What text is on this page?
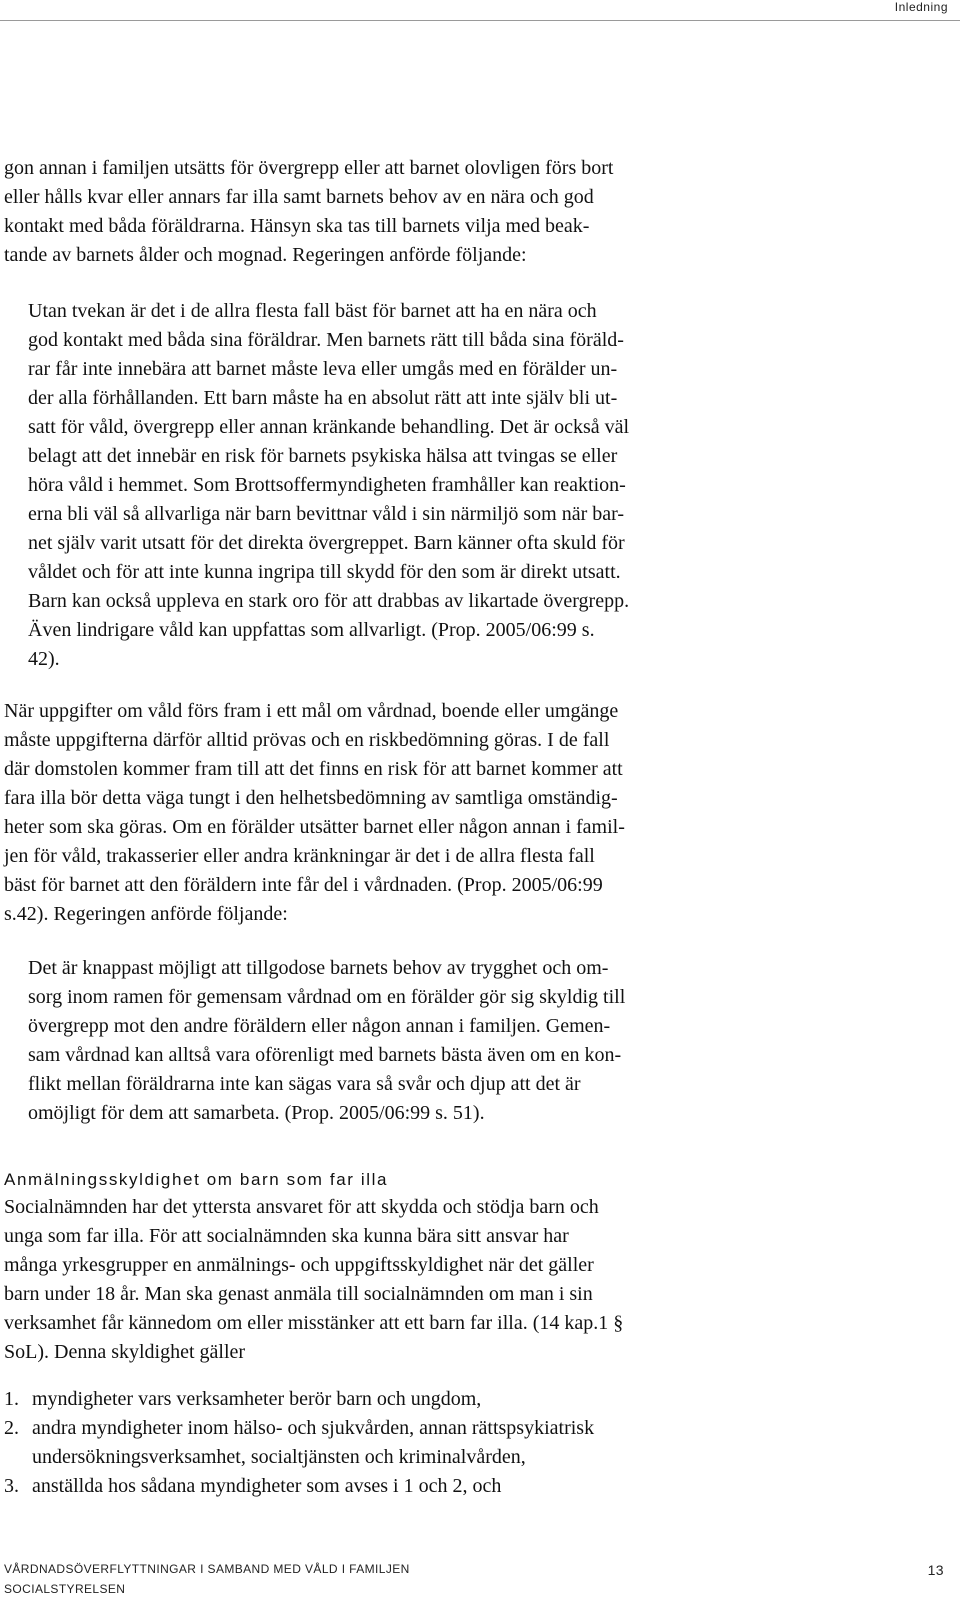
Inledning

gon annan i familjen utsätts för övergrepp eller att barnet olovligen förs bort
eller hålls kvar eller annars far illa samt barnets behov av en nära och god
kontakt med båda föräldrarna. Hänsyn ska tas till barnets vilja med beak-
tande av barnets ålder och mognad. Regeringen anförde följande:

Utan tvekan är det i de allra flesta fall bäst för barnet att ha en nära och
god kontakt med båda sina föräldrar. Men barnets rätt till båda sina föräld-
rar får inte innebära att barnet måste leva eller umgås med en förälder un-
der alla förhållanden. Ett barn måste ha en absolut rätt att inte själv bli ut-
satt för våld, övergrepp eller annan kränkande behandling. Det är också väl
belagt att det innebär en risk för barnets psykiska hälsa att tvingas se eller
höra våld i hemmet. Som Brottsoffermyndigheten framhåller kan reaktion-
erna bli väl så allvarliga när barn bevittnar våld i sin närmiljö som när bar-
net själv varit utsatt för det direkta övergreppet. Barn känner ofta skuld för
våldet och för att inte kunna ingripa till skydd för den som är direkt utsatt.
Barn kan också uppleva en stark oro för att drabbas av likartade övergrepp.
Även lindrigare våld kan uppfattas som allvarligt. (Prop. 2005/06:99 s.
42).

När uppgifter om våld förs fram i ett mål om vårdnad, boende eller umgänge
måste uppgifterna därför alltid prövas och en riskbedömning göras. I de fall
där domstolen kommer fram till att det finns en risk för att barnet kommer att
fara illa bör detta väga tungt i den helhetsbedömning av samtliga omständig-
heter som ska göras. Om en förälder utsätter barnet eller någon annan i famil-
jen för våld, trakasserier eller andra kränkningar är det i de allra flesta fall
bäst för barnet att den föräldern inte får del i vårdnaden. (Prop. 2005/06:99
s.42). Regeringen anförde följande:

Det är knappast möjligt att tillgodose barnets behov av trygghet och om-
sorg inom ramen för gemensam vårdnad om en förälder gör sig skyldig till
övergrepp mot den andre föräldern eller någon annan i familjen. Gemen-
sam vårdnad kan alltså vara oförenligt med barnets bästa även om en kon-
flikt mellan föräldrarna inte kan sägas vara så svår och djup att det är
omöjligt för dem att samarbeta. (Prop. 2005/06:99 s. 51).

Anmälningsskyldighet om barn som far illa

Socialnämnden har det yttersta ansvaret för att skydda och stödja barn och
unga som far illa. För att socialnämnden ska kunna bära sitt ansvar har
många yrkesgrupper en anmälnings- och uppgiftsskyldighet när det gäller
barn under 18 år. Man ska genast anmäla till socialnämnden om man i sin
verksamhet får kännedom om eller misstänker att ett barn far illa. (14 kap.1 §
SoL). Denna skyldighet gäller

1. myndigheter vars verksamheter berör barn och ungdom,
2. andra myndigheter inom hälso- och sjukvården, annan rättspsykiatrisk undersökningsverksamhet, socialtjänsten och kriminalvården,
3. anställda hos sådana myndigheter som avses i 1 och 2, och
VÅRDNADSÖVERFLYTTNINGAR I SAMBAND MED VÅLD I FAMILJEN	13
SOCIALSTYRELSEN
